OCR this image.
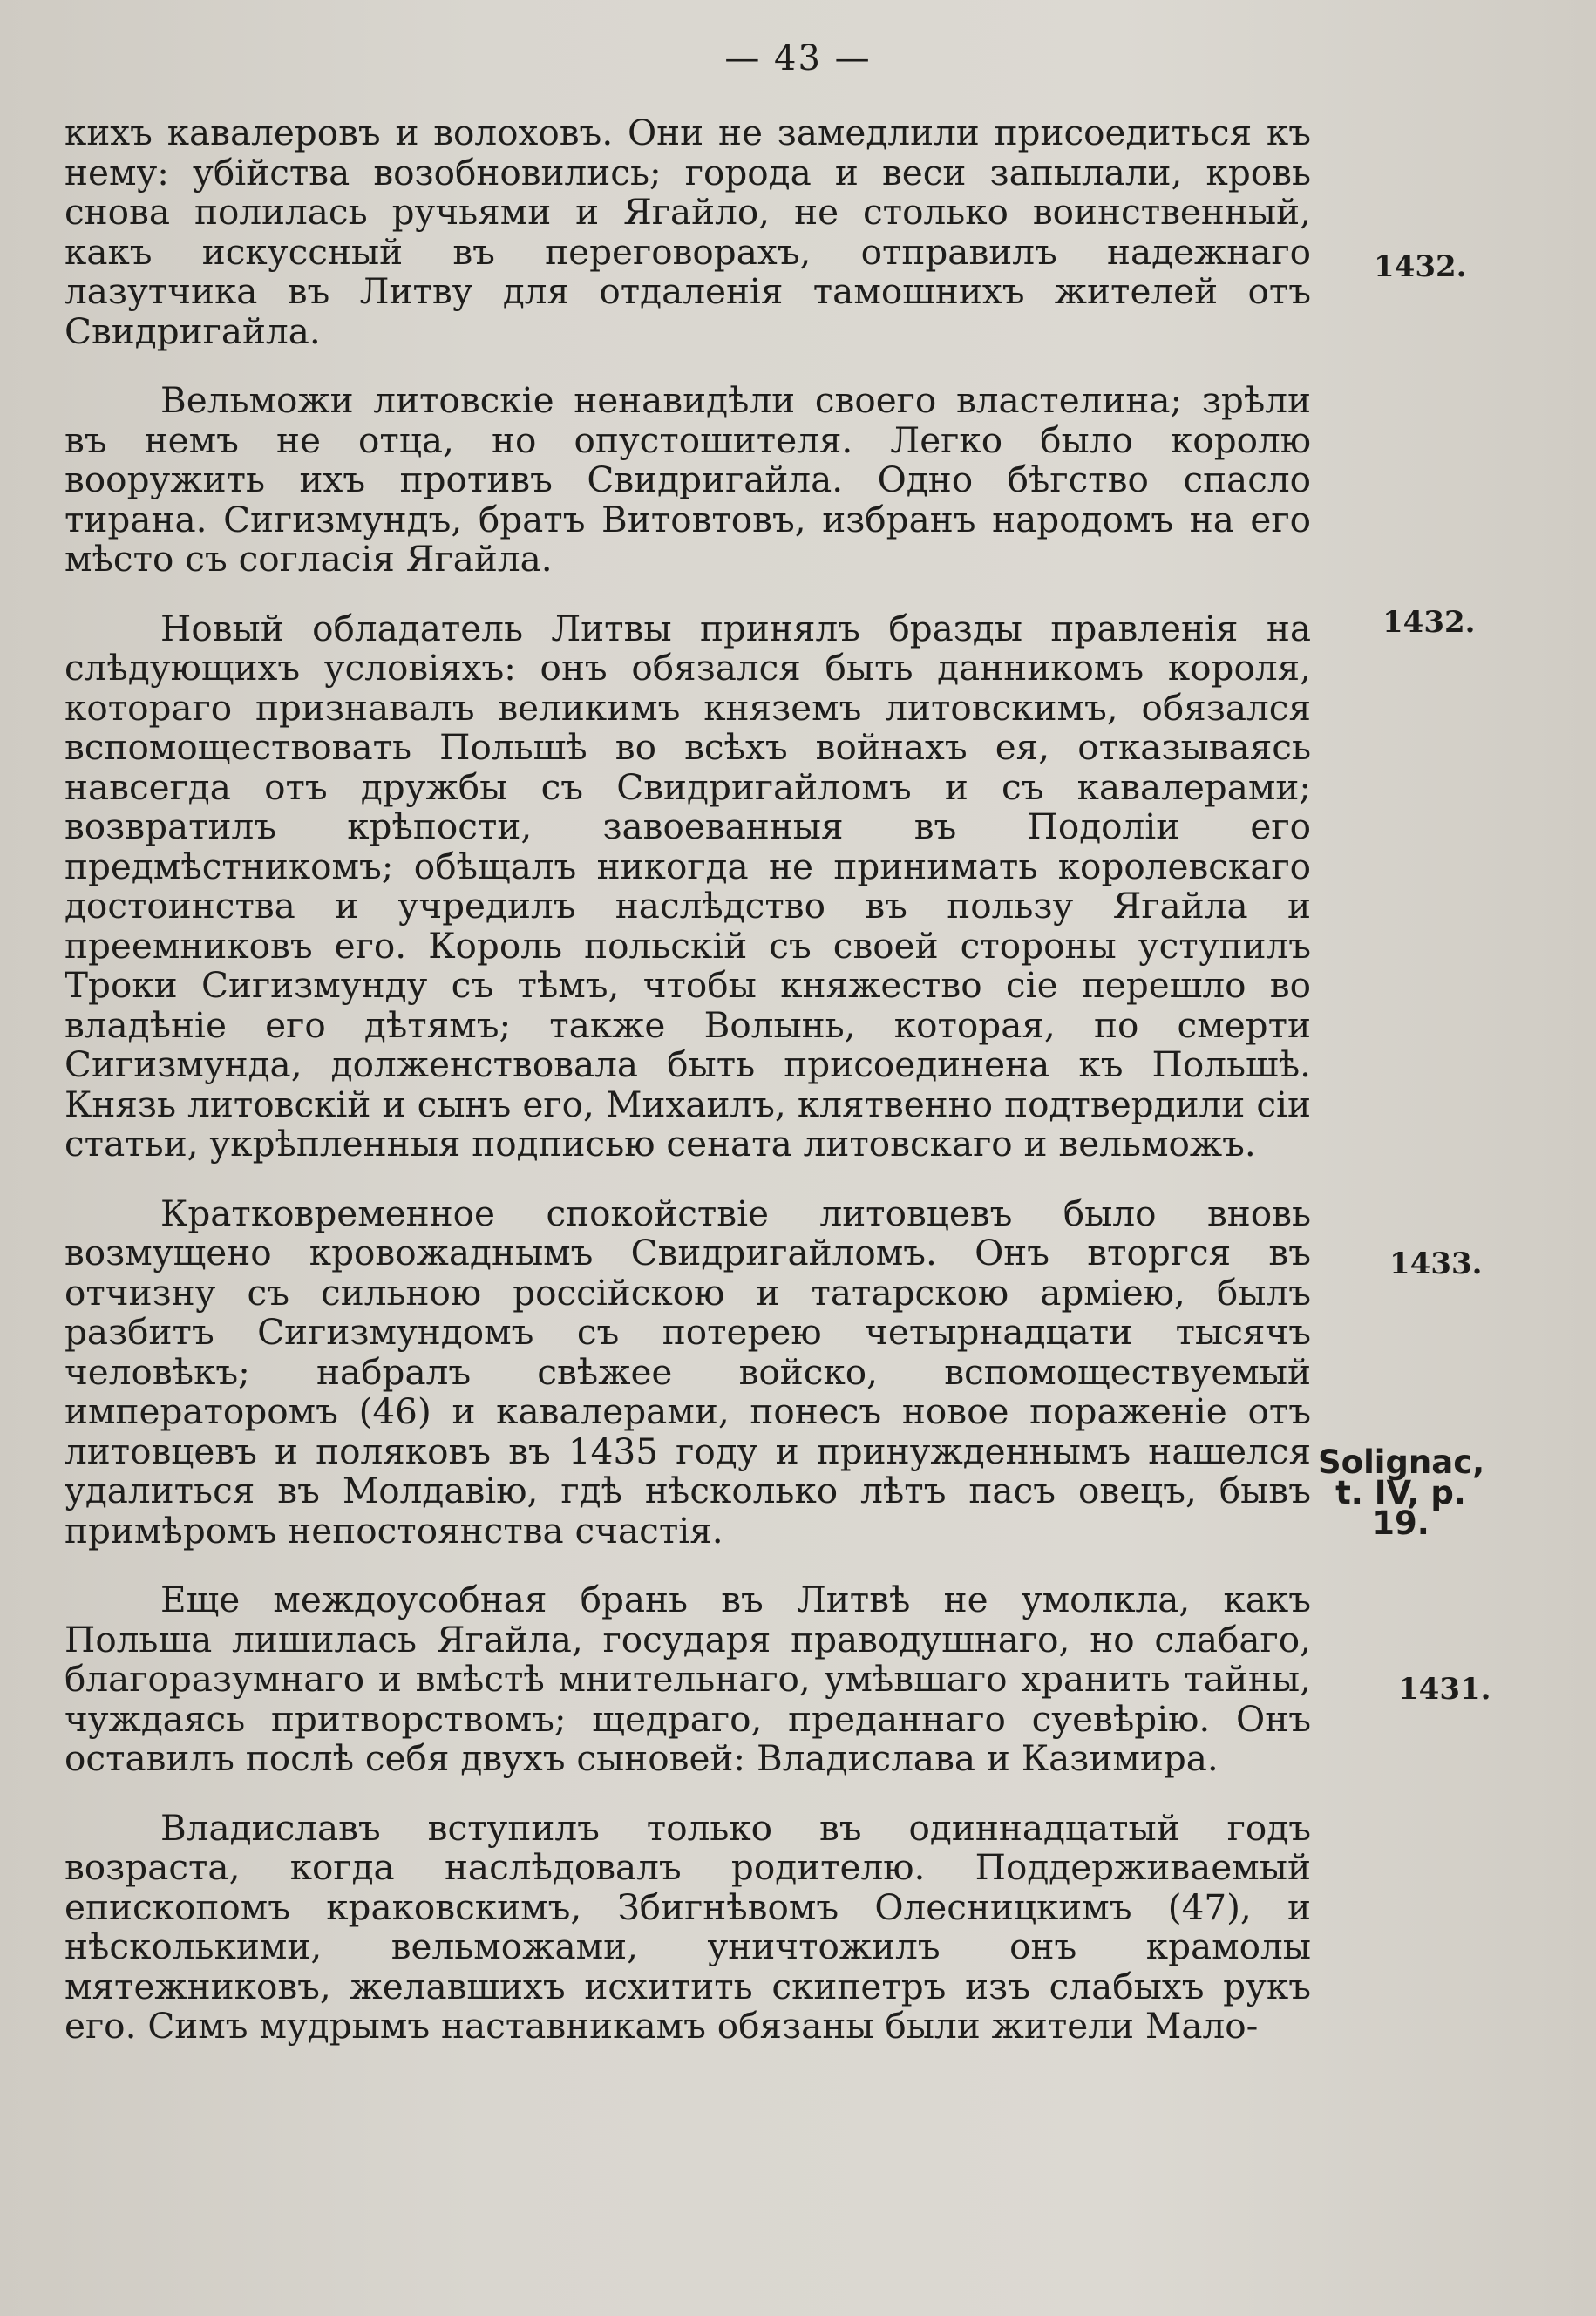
— 43 —

кихъ кавалеровъ и волоховъ. Они не замедлили присоедиться къ нему: убійства возобновились; города и веси запылали, кровь снова полилась ручьями и Ягайло, не столько воинственный, какъ искуссный въ переговорахъ, отправилъ надежнаго лазутчика въ Литву для отдаленія тамошнихъ жителей отъ Свидригайла.

Вельможи литовскіе ненавидѣли своего властелина; зрѣли въ немъ не отца, но опустошителя. Легко было королю вооружить ихъ противъ Свидригайла. Одно бѣгство спасло тирана. Сигизмундъ, братъ Витовтовъ, избранъ народомъ на его мѣсто съ согласія Ягайла.

Новый обладатель Литвы принялъ бразды правленія на слѣдующихъ условіяхъ: онъ обязался быть данникомъ короля, котораго признавалъ великимъ княземъ литовскимъ, обязался вспомоществовать Польшѣ во всѣхъ войнахъ ея, отказываясь навсегда отъ дружбы съ Свидригайломъ и съ кавалерами; возвратилъ крѣпости, завоеванныя въ Подоліи его предмѣстникомъ; обѣщалъ никогда не принимать королевскаго достоинства и учредилъ наслѣдство въ пользу Ягайла и преемниковъ его. Король польскій съ своей стороны уступилъ Троки Сигизмунду съ тѣмъ, чтобы княжество сіе перешло во владѣніе его дѣтямъ; также Волынь, которая, по смерти Сигизмунда, долженствовала быть присоединена къ Польшѣ. Князь литовскій и сынъ его, Михаилъ, клятвенно подтвердили сіи статьи, укрѣпленныя подписью сената литовскаго и вельможъ.

Кратковременное спокойствіе литовцевъ было вновь возмущено кровожаднымъ Свидригайломъ. Онъ вторгся въ отчизну съ сильною россійскою и татарскою арміею, былъ разбитъ Сигизмундомъ съ потерею четырнадцати тысячъ человѣкъ; набралъ свѣжее войско, вспомоществуемый императоромъ (46) и кавалерами, понесъ новое пораженіе отъ литовцевъ и поляковъ въ 1435 году и принужденнымъ нашелся удалиться въ Молдавію, гдѣ нѣсколько лѣтъ пасъ овецъ, бывъ примѣромъ непостоянства счастія.

Еще междоусобная брань въ Литвѣ не умолкла, какъ Польша лишилась Ягайла, государя праводушнаго, но слабаго, благоразумнаго и вмѣстѣ мнительнаго, умѣвшаго хранить тайны, чуждаясь притворствомъ; щедраго, преданнаго суевѣрію. Онъ оставилъ послѣ себя двухъ сыновей: Владислава и Казимира.

Владиславъ вступилъ только въ одиннадцатый годъ возраста, когда наслѣдовалъ родителю. Поддерживаемый епископомъ краковскимъ, Збигнѣвомъ Олесницкимъ (47), и нѣсколькими, вельможами, уничтожилъ онъ крамолы мятежниковъ, желавшихъ исхитить скипетръ изъ слабыхъ рукъ его. Симъ мудрымъ наставникамъ обязаны были жители Мало-

1432.
1432.
1433.
Solignac, t. IV, p. 19.
1431.
